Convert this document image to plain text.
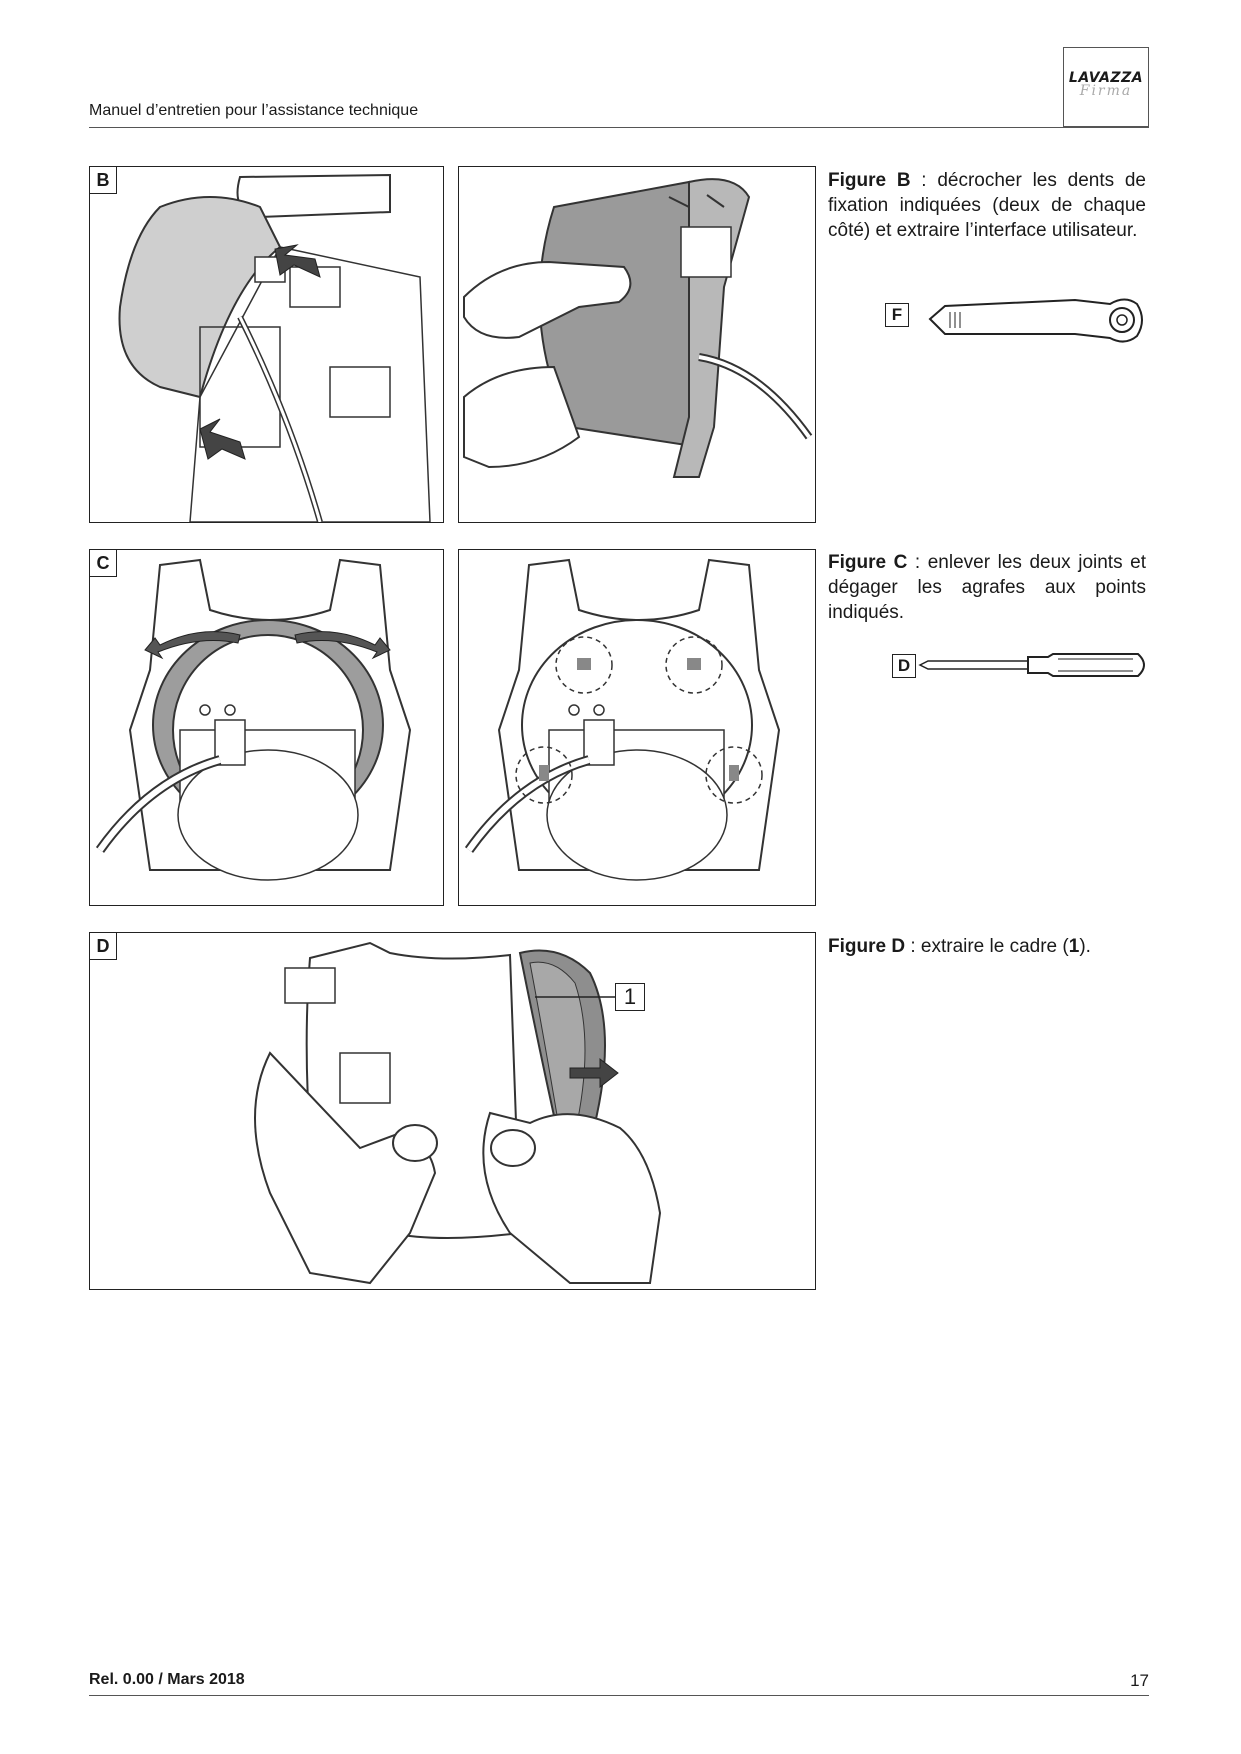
Manuel d’entretien pour l’assistance technique
LAVAZZA
Firma
B
C
D
1
Figure B : décrocher les dents de fixation indiquées (deux de chaque côté) et extraire l’interface utilisateur.
F
Figure C : enlever les deux joints et dégager les agrafes aux points indiqués.
D
Figure D : extraire le cadre (1).
Rel. 0.00 / Mars 2018	17
